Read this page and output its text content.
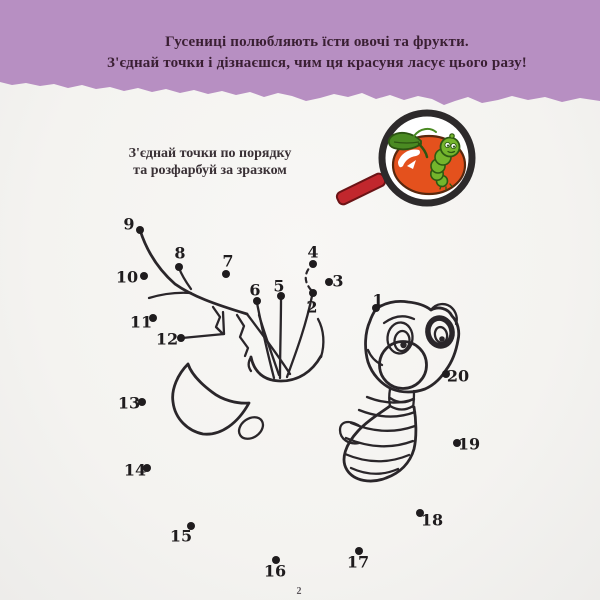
Гусениці полюбляють їсти овочі та фрукти.
З'єднай точки і дізнаєшся, чим ця красуня ласує цього разу!
З'єднай точки по порядку
та розфарбуй за зразком
1
2
3
4
5
6
7
8
9
10
11
12
13
14
15
16	17
18
19
20
2
